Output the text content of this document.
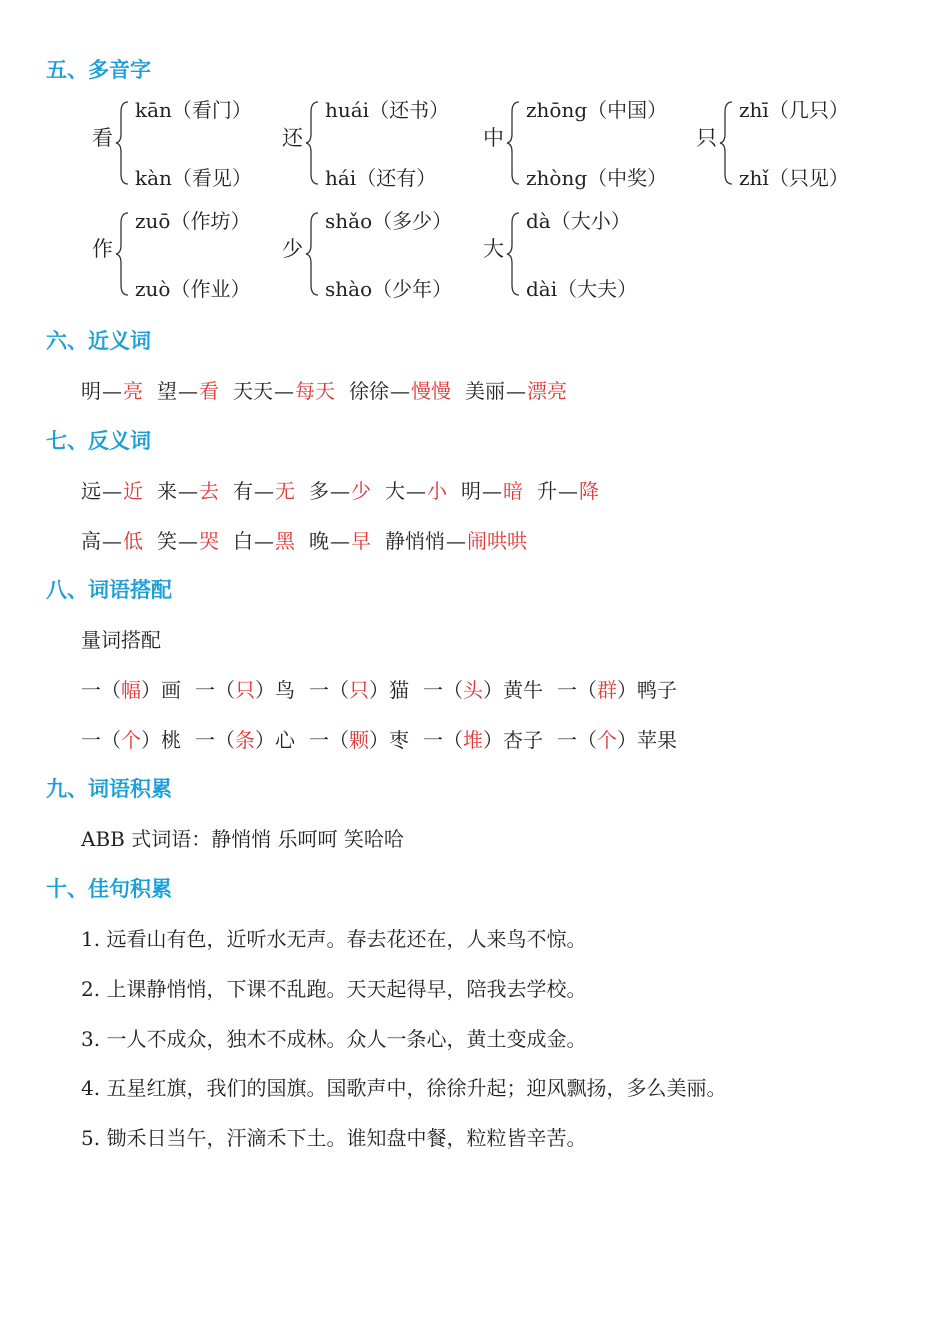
五、多音字
看
kān（看门）
kàn（看见）
还
huái（还书）
hái（还有）
中
zhōng（中国）
zhòng（中奖）
只
zhī（几只）
zhǐ（只见）
作
zuō（作坊）
zuò（作业）
少
shǎo（多少）
shào（少年）
大
dà（大小）
dài（大夫）
六、近义词
明—亮 望—看 天天—每天 徐徐—慢慢 美丽—漂亮
七、反义词
远—近 来—去 有—无 多—少 大—小 明—暗 升—降
高—低 笑—哭 白—黑 晚—早 静悄悄—闹哄哄
八、词语搭配
量词搭配
一（幅）画 一（只）鸟 一（只）猫 一（头）黄牛 一（群）鸭子
一（个）桃 一（条）心 一（颗）枣 一（堆）杏子 一（个）苹果
九、词语积累
ABB 式词语：静悄悄 乐呵呵 笑哈哈
十、佳句积累
1. 远看山有色，近听水无声。春去花还在，人来鸟不惊。
2. 上课静悄悄，下课不乱跑。天天起得早，陪我去学校。
3. 一人不成众，独木不成林。众人一条心，黄土变成金。
4. 五星红旗，我们的国旗。国歌声中，徐徐升起；迎风飘扬，多么美丽。
5. 锄禾日当午，汗滴禾下土。谁知盘中餐，粒粒皆辛苦。
